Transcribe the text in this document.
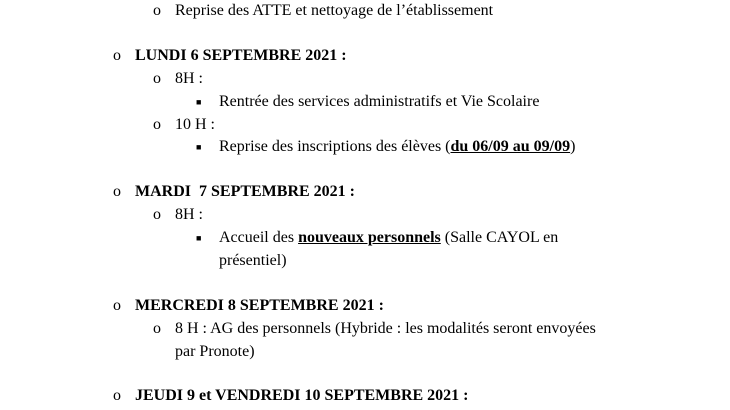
o Reprise des ATTE et nettoyage de l’établissement
o LUNDI 6 SEPTEMBRE 2021 :
o 8H :
■ Rentrée des services administratifs et Vie Scolaire
o 10 H :
■ Reprise des inscriptions des élèves (du 06/09 au 09/09)
o MARDI  7 SEPTEMBRE 2021 :
o 8H :
■ Accueil des nouveaux personnels (Salle CAYOL en
présentiel)
o MERCREDI 8 SEPTEMBRE 2021 :
o 8 H : AG des personnels (Hybride : les modalités seront envoyées
par Pronote)
o JEUDI 9 et VENDREDI 10 SEPTEMBRE 2021 :
